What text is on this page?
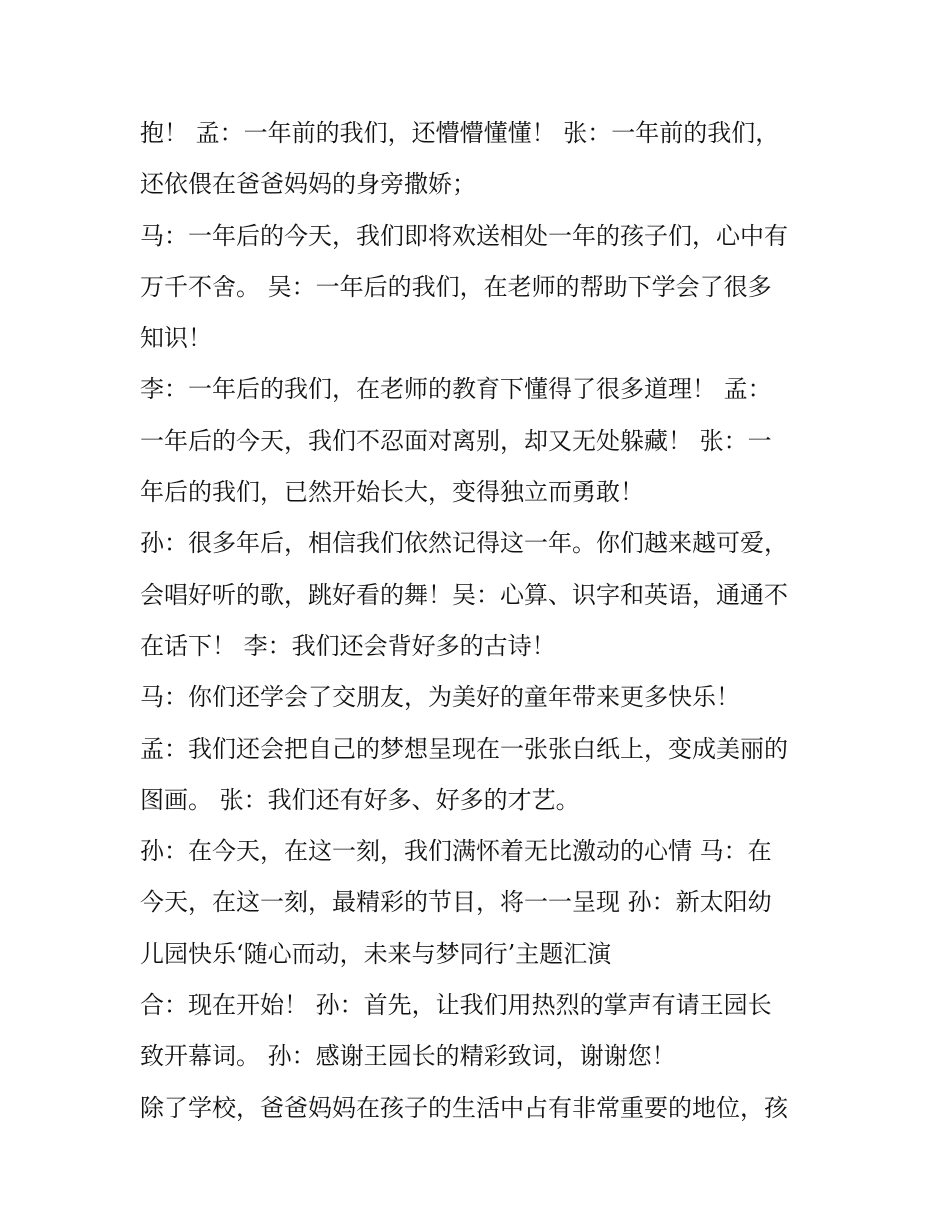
抱！ 孟：一年前的我们，还懵懵懂懂！ 张：一年前的我们，
还依偎在爸爸妈妈的身旁撒娇；
马：一年后的今天，我们即将欢送相处一年的孩子们，心中有
万千不舍。 吴：一年后的我们，在老师的帮助下学会了很多
知识！
李：一年后的我们，在老师的教育下懂得了很多道理！ 孟：
一年后的今天，我们不忍面对离别，却又无处躲藏！ 张：一
年后的我们，已然开始长大，变得独立而勇敢！
孙：很多年后，相信我们依然记得这一年。你们越来越可爱，
会唱好听的歌，跳好看的舞！吴：心算、识字和英语，通通不
在话下！ 李：我们还会背好多的古诗！
马：你们还学会了交朋友，为美好的童年带来更多快乐！
孟：我们还会把自己的梦想呈现在一张张白纸上，变成美丽的
图画。 张：我们还有好多、好多的才艺。
孙：在今天，在这一刻，我们满怀着无比激动的心情 马：在
今天，在这一刻，最精彩的节目，将一一呈现 孙：新太阳幼
儿园快乐‘随心而动，未来与梦同行’主题汇演
合：现在开始！ 孙：首先，让我们用热烈的掌声有请王园长
致开幕词。 孙：感谢王园长的精彩致词，谢谢您！
除了学校，爸爸妈妈在孩子的生活中占有非常重要的地位，孩
